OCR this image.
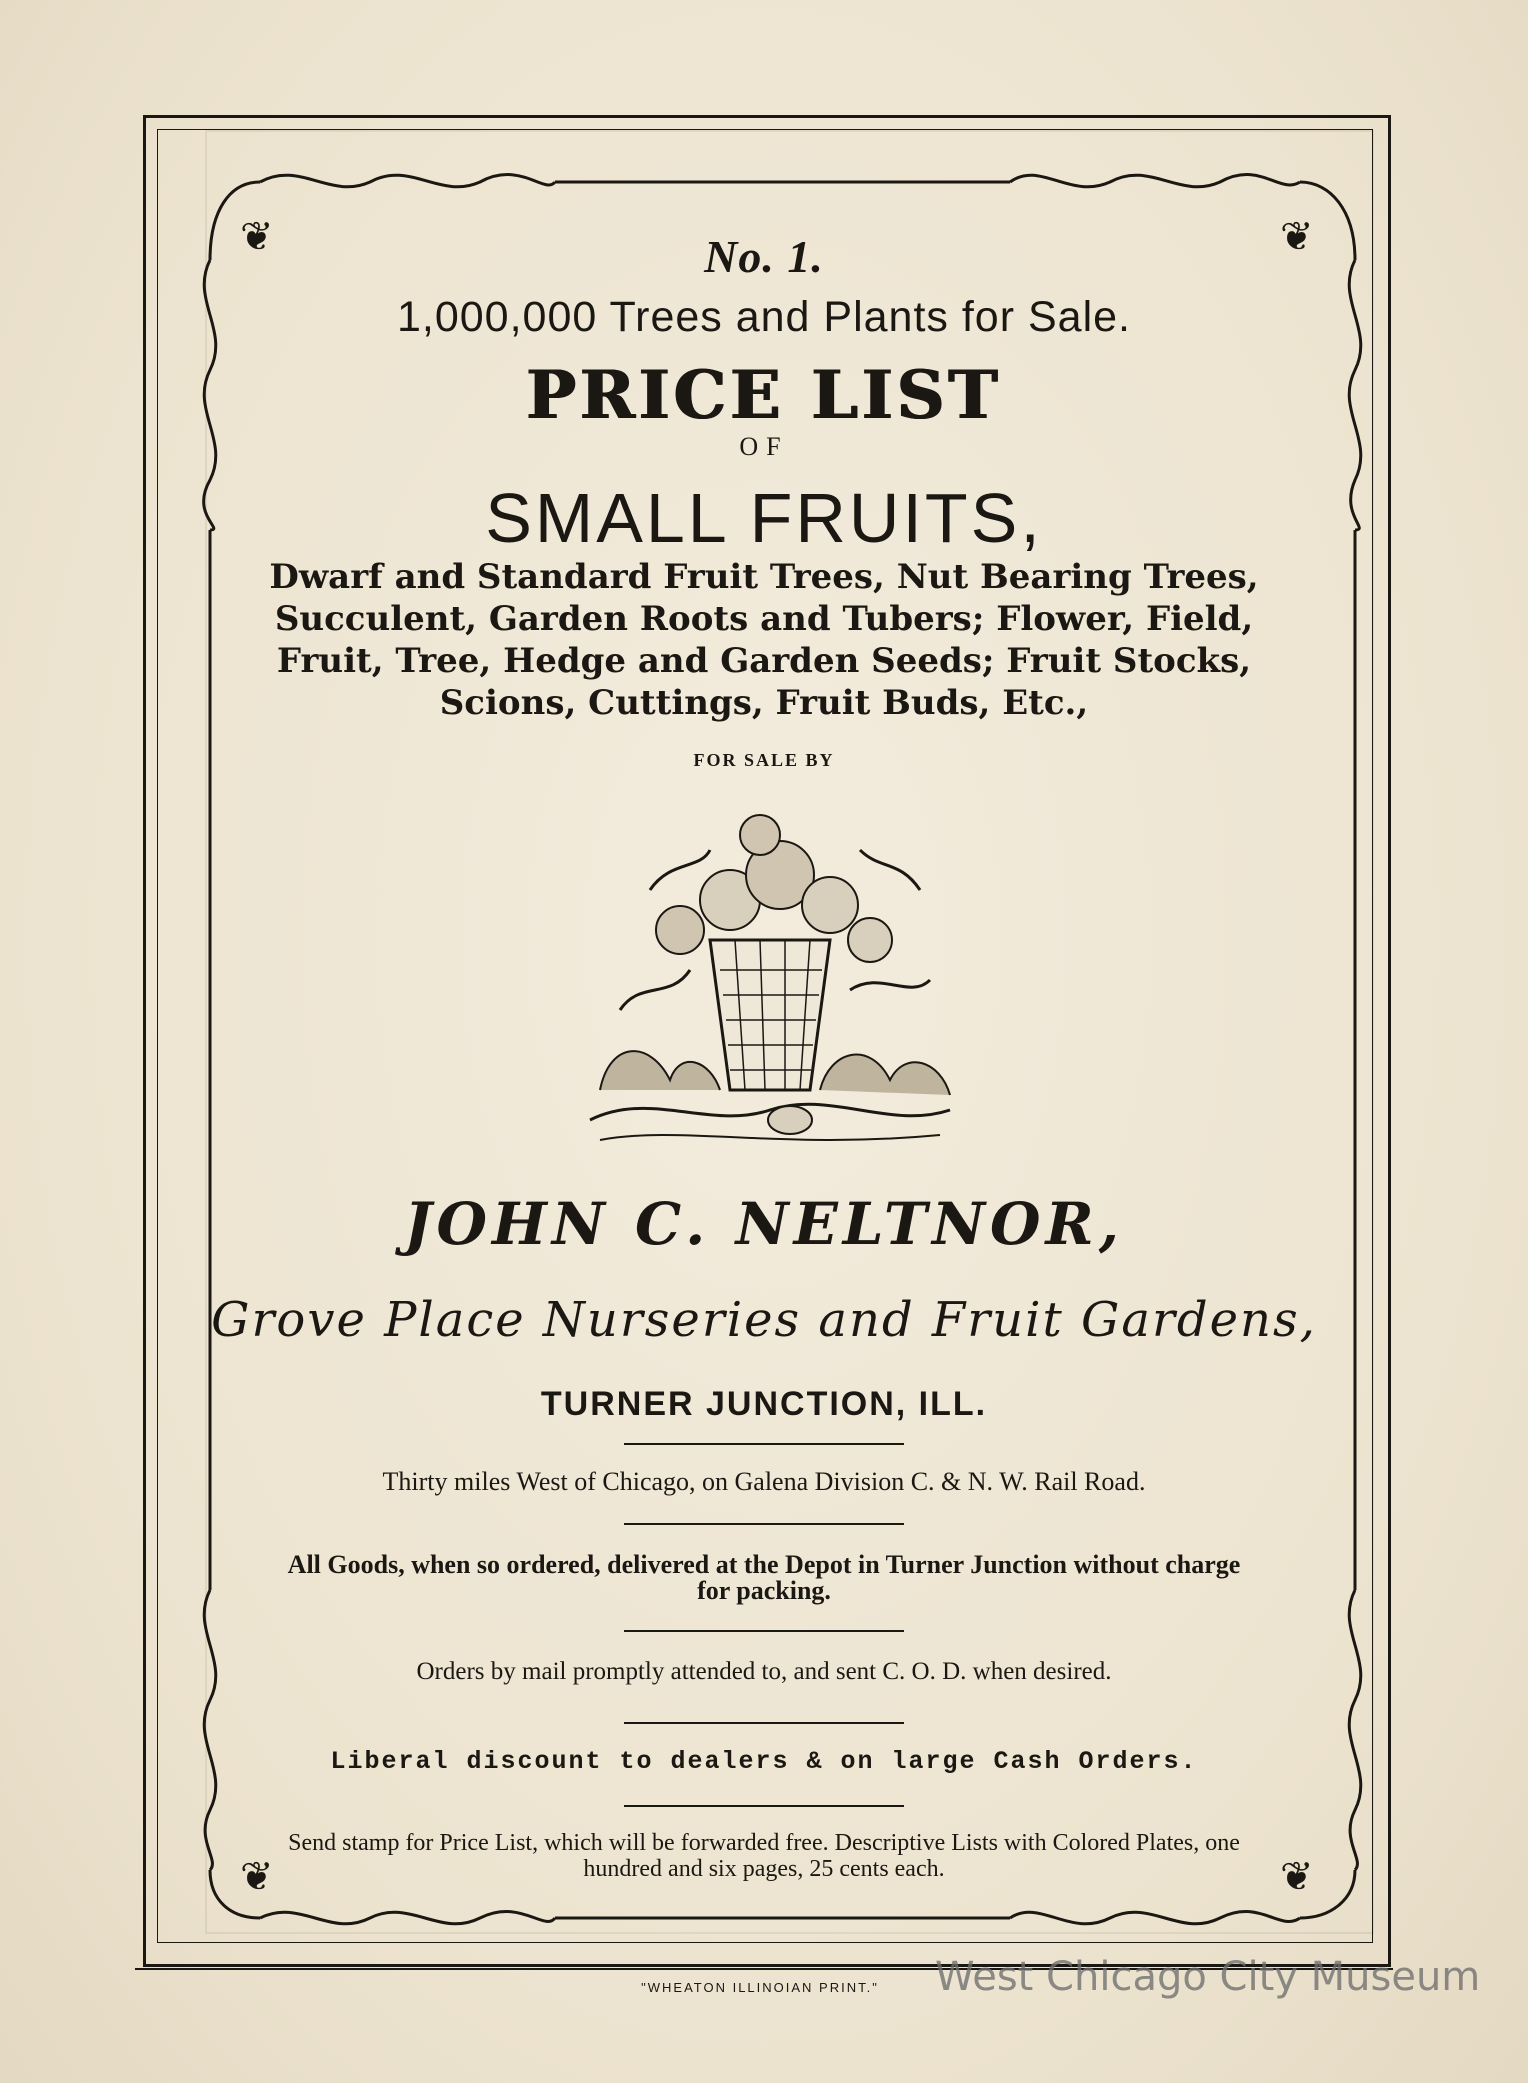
❦	❦
❦	❦

No. 1.

1,000,000 Trees and Plants for Sale.

PRICE LIST

OF

SMALL FRUITS,

Dwarf and Standard Fruit Trees, Nut Bearing Trees, Succulent, Garden Roots and Tubers; Flower, Field, Fruit, Tree, Hedge and Garden Seeds; Fruit Stocks, Scions, Cuttings, Fruit Buds, Etc.,

FOR SALE BY

JOHN C. NELTNOR,

Grove Place Nurseries and Fruit Gardens,

TURNER JUNCTION, ILL.

Thirty miles West of Chicago, on Galena Division C. & N. W. Rail Road.

All Goods, when so ordered, delivered at the Depot in Turner Junction without charge for packing.

Orders by mail promptly attended to, and sent C. O. D. when desired.

Liberal discount to dealers & on large Cash Orders.

Send stamp for Price List, which will be forwarded free. Descriptive Lists with Colored Plates, one hundred and six pages, 25 cents each.

"WHEATON ILLINOIAN PRINT."	West Chicago City Museum
